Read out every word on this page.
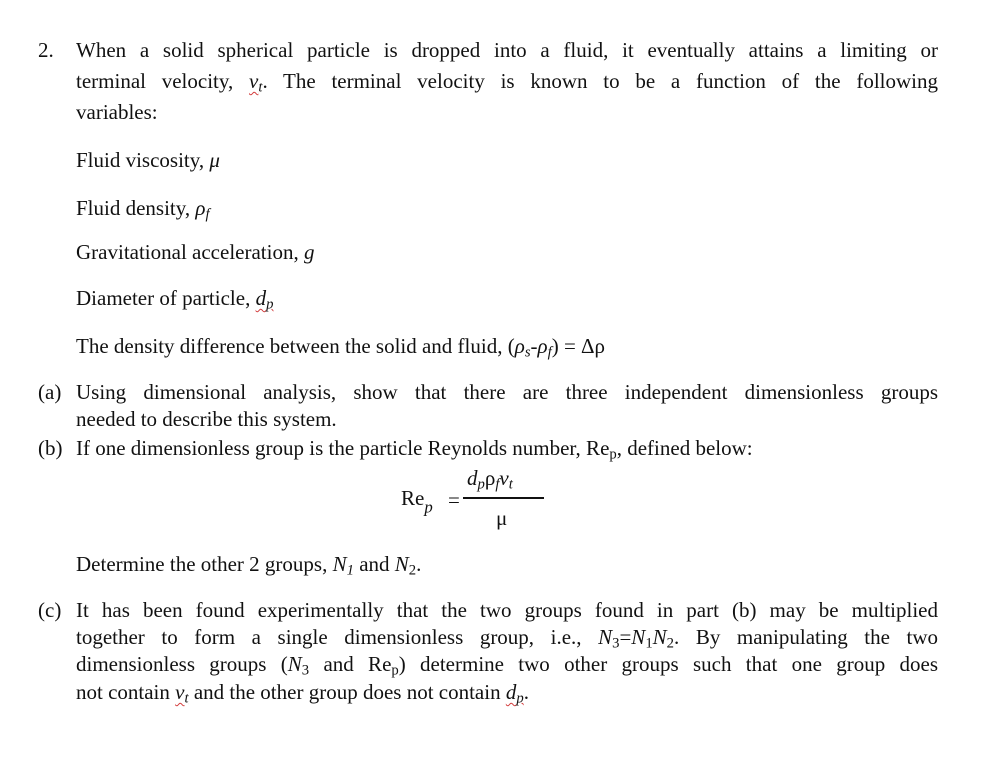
2. When a solid spherical particle is dropped into a fluid, it eventually attains a limiting or
terminal velocity, $v_t$. The terminal velocity is known to be a function of the following
variables:
Fluid viscosity, μ
Fluid density, $\rho_f$
Gravitational acceleration, g
Diameter of particle, $d_p$
The density difference between the solid and fluid, $(\rho_s-\rho_f) = \Delta\rho$
(a) Using dimensional analysis, show that there are three independent dimensionless groups
needed to describe this system.
(b) If one dimensionless group is the particle Reynolds number, $Re_p$, defined below:
$Re_p$ =
$d_p\rho_fv_t$
μ
Determine the other 2 groups, $N_1$ and $N_2$.
(c) It has been found experimentally that the two groups found in part (b) may be multiplied
together to form a single dimensionless group, i.e., $N_3=N_1N_2$. By manipulating the two
dimensionless groups ($N_3$ and $Re_p$) determine two other groups such that one group does
not contain $v_t$ and the other group does not contain $d_p$.
